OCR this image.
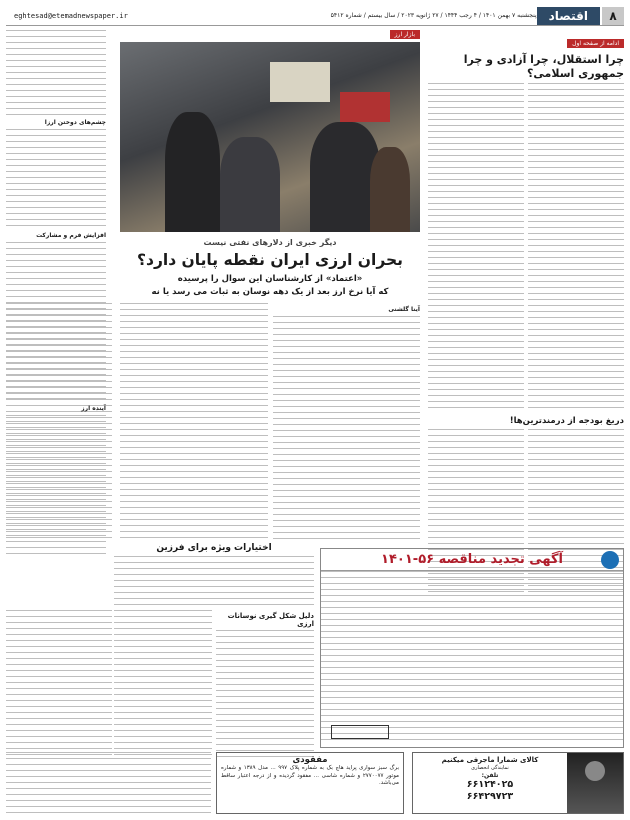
۸
اقتصاد
پنجشنبه ۷ بهمن ۱۴۰۱ / ۴ رجب ۱۴۴۴ / ۲۷ ژانویه ۲۰۲۳ / سال بیستم / شماره ۵۴۱۲
eghtesad@etemadnewspaper.ir
ادامه از صفحه اول
چرا استقلال، چرا آزادی و چرا جمهوری اسلامی؟
دریغ بودجه از درمندترین‌ها!
بازار ارز
چشم‌های دوختن ارزا
افزایش فرم و مشارکت
آینده ارز
دیگر خبری از دلارهای نفتی نیست
بحران ارزی ایران نقطه پایان دارد؟
«اعتماد» از کارشناسان این سوال را پرسیده
که آیا نرخ ارز بعد از یک دهه نوسان به ثبات می رسد یا نه
آینا گلشنی
اختیارات ویژه برای فرزین
دلیل شکل گیری نوسانات ارزی
آگهی تجدید مناقصه ۵۶-۱۴۰۱
مفقودی
برگ سبز سواری پراید هاچ بک به شماره پلاک ۹۹۷ ... مدل ۱۳۸۹ و شماره موتور ۲۷۷۰۰۷۷ و شماره شاسی ... مفقود گردیده و از درجه اعتبار ساقط می‌باشد.
کالای شمارا ماجرفی میکنیم
نمایندگی انحصاری
تلفن:
۶۶۱۲۴۰۲۵
۶۶۴۲۹۷۲۳
